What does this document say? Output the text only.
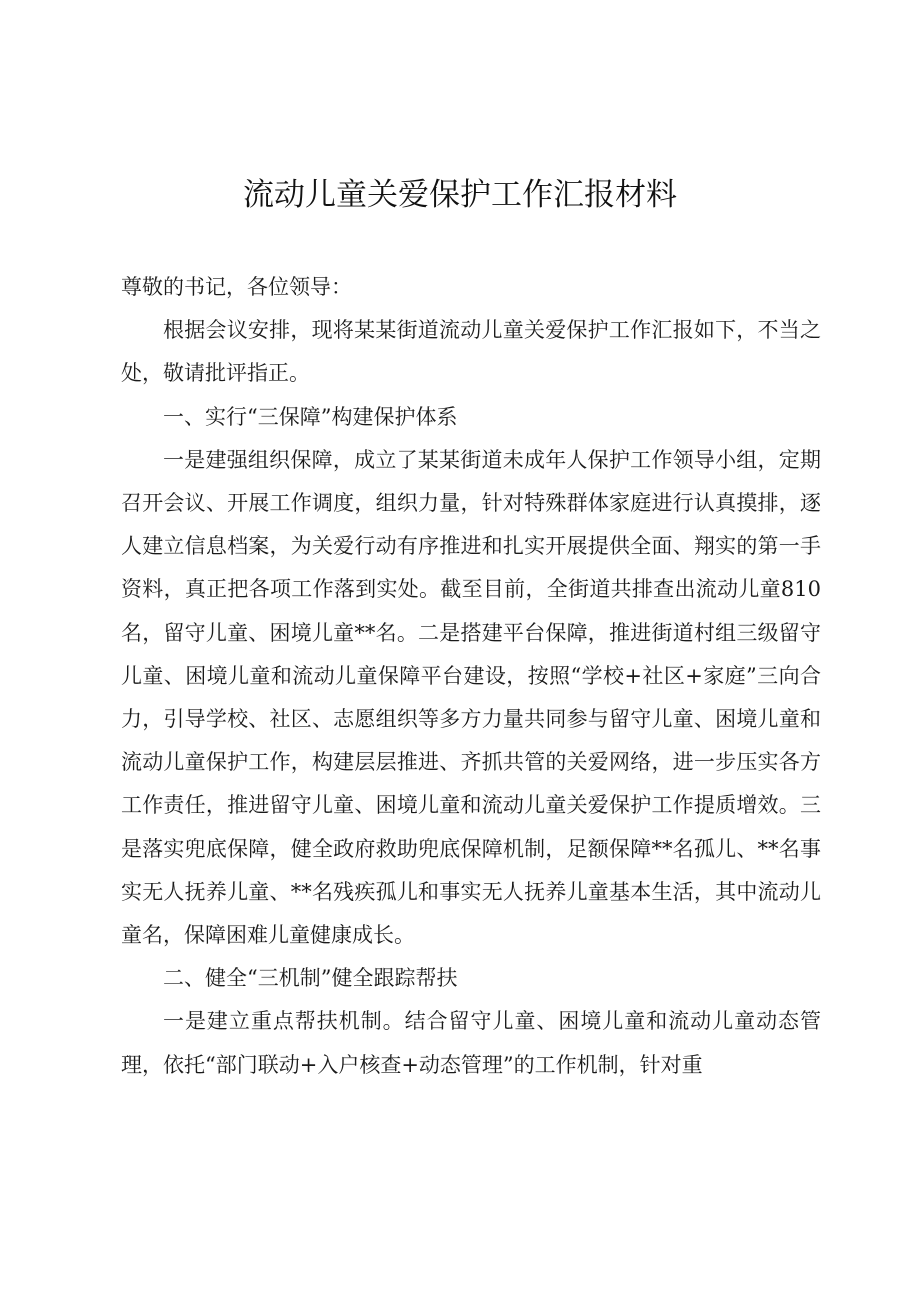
流动儿童关爱保护工作汇报材料

尊敬的书记，各位领导：

根据会议安排，现将某某街道流动儿童关爱保护工作汇报如下，不当之处，敬请批评指正。

一、实行“三保障”构建保护体系

一是建强组织保障，成立了某某街道未成年人保护工作领导小组，定期召开会议、开展工作调度，组织力量，针对特殊群体家庭进行认真摸排，逐人建立信息档案，为关爱行动有序推进和扎实开展提供全面、翔实的第一手资料，真正把各项工作落到实处。截至目前，全街道共排查出流动儿童810名，留守儿童、困境儿童**名。二是搭建平台保障，推进街道村组三级留守儿童、困境儿童和流动儿童保障平台建设，按照“学校+社区+家庭”三向合力，引导学校、社区、志愿组织等多方力量共同参与留守儿童、困境儿童和流动儿童保护工作，构建层层推进、齐抓共管的关爱网络，进一步压实各方工作责任，推进留守儿童、困境儿童和流动儿童关爱保护工作提质增效。三是落实兜底保障，健全政府救助兜底保障机制，足额保障**名孤儿、**名事实无人抚养儿童、**名残疾孤儿和事实无人抚养儿童基本生活，其中流动儿童名，保障困难儿童健康成长。

二、健全“三机制”健全跟踪帮扶

一是建立重点帮扶机制。结合留守儿童、困境儿童和流动儿童动态管理，依托“部门联动+入户核查+动态管理”的工作机制，针对重
